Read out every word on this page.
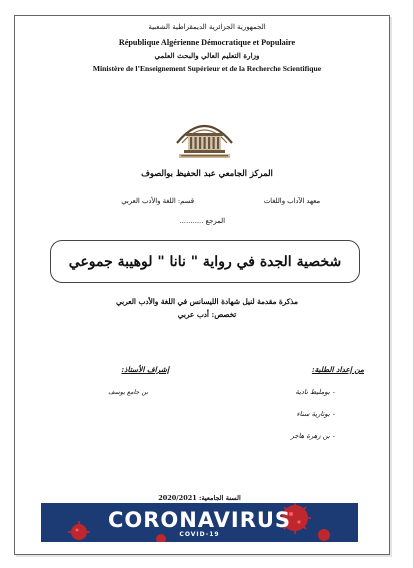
الجمهورية الجزائرية الديمقراطية الشعبية
République Algérienne Démocratique et Populaire
وزارة التعليم العالي والبحث العلمي
Ministère de l’Enseignement Supérieur et de la Recherche Scientifique
المركز الجامعي عبد الحفيظ بوالصوف
معهد الآداب واللغات
قسم: اللغة والأدب العربي
المرجع ...........
شخصية الجدة في رواية " نانا " لوهيبة جموعي
مذكرة مقدمة لنيل شهادة الليسانس في اللغة والأدب العربي
تخصص: أدب عربي
من إعداد الطلبة:
إشراف الأستاذ:
بن جامع يوسف	-
بومليط نادية
-
بوتارية سناء
-
بن زهرة هاجر
السنة الجامعية: 2020/2021
CORONAVIRUS
COVID-19
